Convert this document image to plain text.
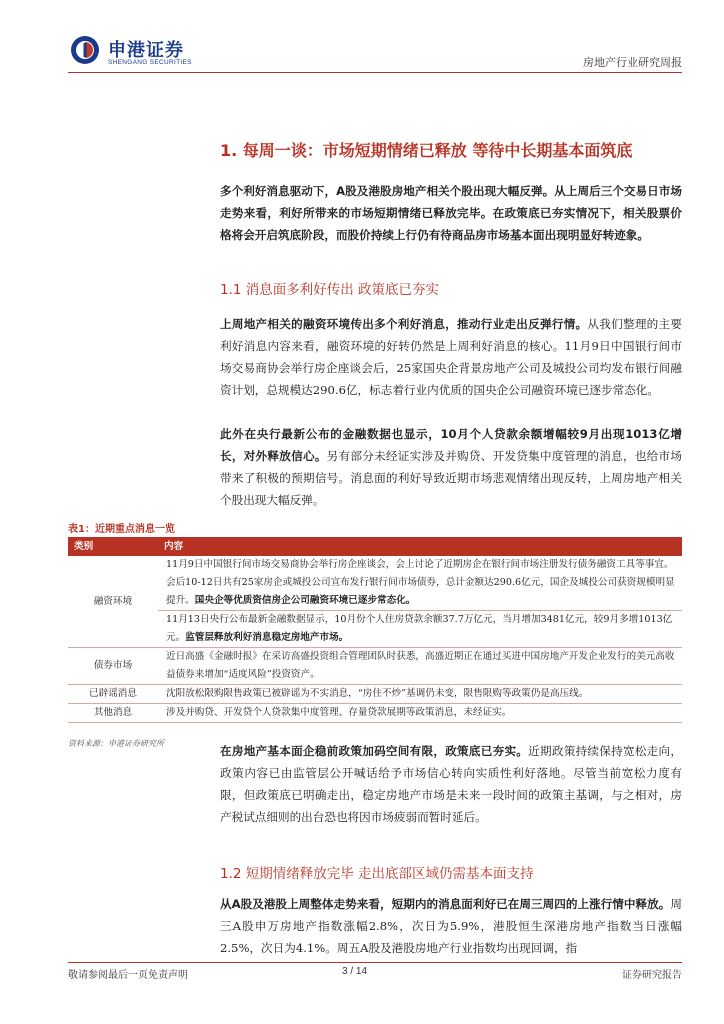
申港证券
SHENGANG SECURITIES	房地产行业研究周报
1. 每周一谈：市场短期情绪已释放 等待中长期基本面筑底
多个利好消息驱动下，A股及港股房地产相关个股出现大幅反弹。从上周后三个交易日市场走势来看，利好所带来的市场短期情绪已释放完毕。在政策底已夯实情况下，相关股票价格将会开启筑底阶段，而股价持续上行仍有待商品房市场基本面出现明显好转迹象。
1.1 消息面多利好传出 政策底已夯实
上周地产相关的融资环境传出多个利好消息，推动行业走出反弹行情。从我们整理的主要利好消息内容来看，融资环境的好转仍然是上周利好消息的核心。11月9日中国银行间市场交易商协会举行房企座谈会后，25家国央企背景房地产公司及城投公司均发布银行间融资计划，总规模达290.6亿，标志着行业内优质的国央企公司融资环境已逐步常态化。
此外在央行最新公布的金融数据也显示，10月个人贷款余额增幅较9月出现1013亿增长，对外释放信心。另有部分未经证实涉及并购贷、开发贷集中度管理的消息，也给市场带来了积极的预期信号。消息面的利好导致近期市场悲观情绪出现反转，上周房地产相关个股出现大幅反弹。
表1：近期重点消息一览
类别	内容
融资环境	11月9日中国银行间市场交易商协会举行房企座谈会，会上讨论了近期房企在银行间市场注册发行债务融资工具等事宜。会后10-12日共有25家房企或城投公司宣布发行银行间市场债券，总计金额达290.6亿元，国企及城投公司获资规模明显提升。国央企等优质资信房企公司融资环境已逐步常态化。
	11月13日央行公布最新金融数据显示，10月份个人住房贷款余额37.7万亿元，当月增加3481亿元，较9月多增1013亿元。监管层释放利好消息稳定房地产市场。
债券市场	近日高盛《金融时报》在采访高盛投资组合管理团队时获悉，高盛近期正在通过买进中国房地产开发企业发行的美元高收益债券来增加“适度风险”投资资产。
已辟谣消息	沈阳放松限购限售政策已被辟谣为不实消息，“房住不炒”基调仍未变，限售限购等政策仍是高压线。
其他消息	涉及并购贷、开发贷个人贷款集中度管理、存量贷款展期等政策消息，未经证实。
资料来源：申港证券研究所
在房地产基本面企稳前政策加码空间有限，政策底已夯实。近期政策持续保持宽松走向，政策内容已由监管层公开喊话给予市场信心转向实质性利好落地。尽管当前宽松力度有限，但政策底已明确走出，稳定房地产市场是未来一段时间的政策主基调，与之相对，房产税试点细则的出台恐也将因市场疲弱而暂时延后。
1.2 短期情绪释放完毕 走出底部区域仍需基本面支持
从A股及港股上周整体走势来看，短期内的消息面利好已在周三周四的上涨行情中释放。周三A股申万房地产指数涨幅2.8%，次日为5.9%，港股恒生深港房地产指数当日涨幅2.5%，次日为4.1%。周五A股及港股房地产行业指数均出现回调，指
敬请参阅最后一页免责声明	3 / 14	证券研究报告
